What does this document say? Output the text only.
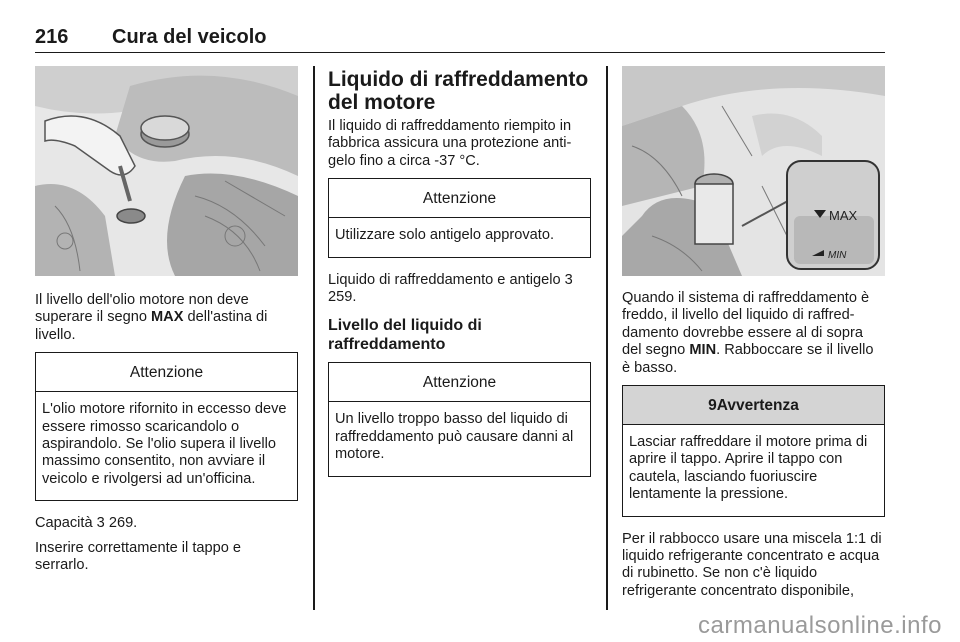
216 Cura del veicolo

Il livello dell'olio motore non deve superare il segno MAX dell'astina di livello.

Attenzione
L'olio motore rifornito in eccesso deve essere rimosso scaricandolo o aspirandolo. Se l'olio supera il livello massimo consentito, non avviare il veicolo e rivolgersi ad un'officina.

Capacità 3 269.

Inserire correttamente il tappo e serrarlo.

Liquido di raffreddamento del motore

Il liquido di raffreddamento riempito in fabbrica assicura una protezione anti- gelo fino a circa -37 °C.

Attenzione
Utilizzare solo antigelo approvato.

Liquido di raffreddamento e antigelo 3 259.

Livello del liquido di raffreddamento
Attenzione
Un livello troppo basso del liquido di raffreddamento può causare danni al motore.
MAX
MIN

Quando il sistema di raffreddamento è freddo, il livello del liquido di raffred- damento dovrebbe essere al di sopra del segno MIN. Rabboccare se il livello è basso.

9Avvertenza
Lasciar raffreddare il motore prima di aprire il tappo. Aprire il tappo con cautela, lasciando fuoriuscire lentamente la pressione.

Per il rabbocco usare una miscela 1:1 di liquido refrigerante concentrato e acqua di rubinetto. Se non c'è liquido refrigerante concentrato disponibile,

carmanualsonline.info
